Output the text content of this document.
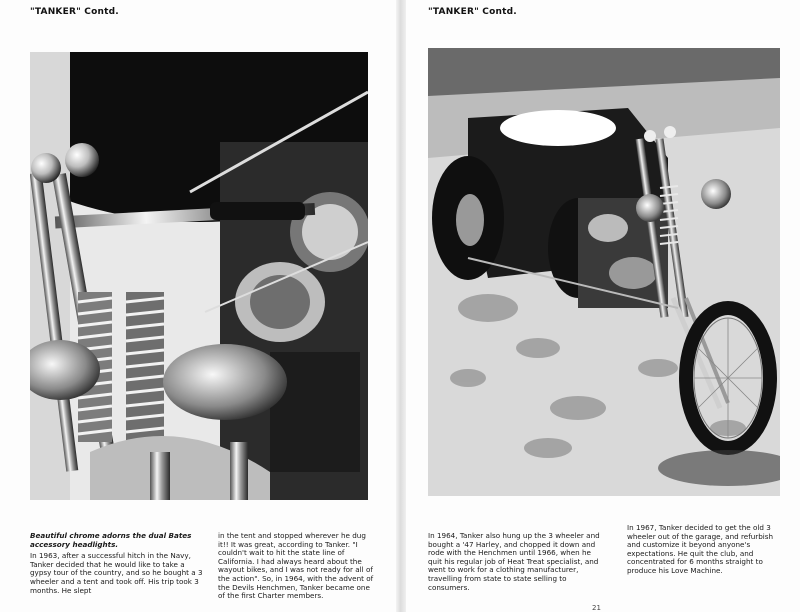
"TANKER" Contd.	"TANKER" Contd.
Beautiful chrome adorns the dual Bates accessory headlights.
In 1963, after a successful hitch in the Navy, Tanker decided that he would like to take a gypsy tour of the country, and so he bought a 3 wheeler and a tent and took off. His trip took 3 months. He slept
in the tent and stopped wherever he dug it!! It was great, according to Tanker. "I couldn't wait to hit the state line of California. I had always heard about the wayout bikes, and I was not ready for all of the action". So, in 1964, with the advent of the Devils Henchmen, Tanker became one of the first Charter members.
In 1964, Tanker also hung up the 3 wheeler and bought a '47 Harley, and chopped it down and rode with the Henchmen until 1966, when he quit his regular job of Heat Treat specialist, and went to work for a clothing manufacturer, travelling from state to state selling to consumers.
In 1967, Tanker decided to get the old 3 wheeler out of the garage, and refurbish and customize it beyond anyone's expectations. He quit the club, and concentrated for 6 months straight to produce his Love Machine.
21
